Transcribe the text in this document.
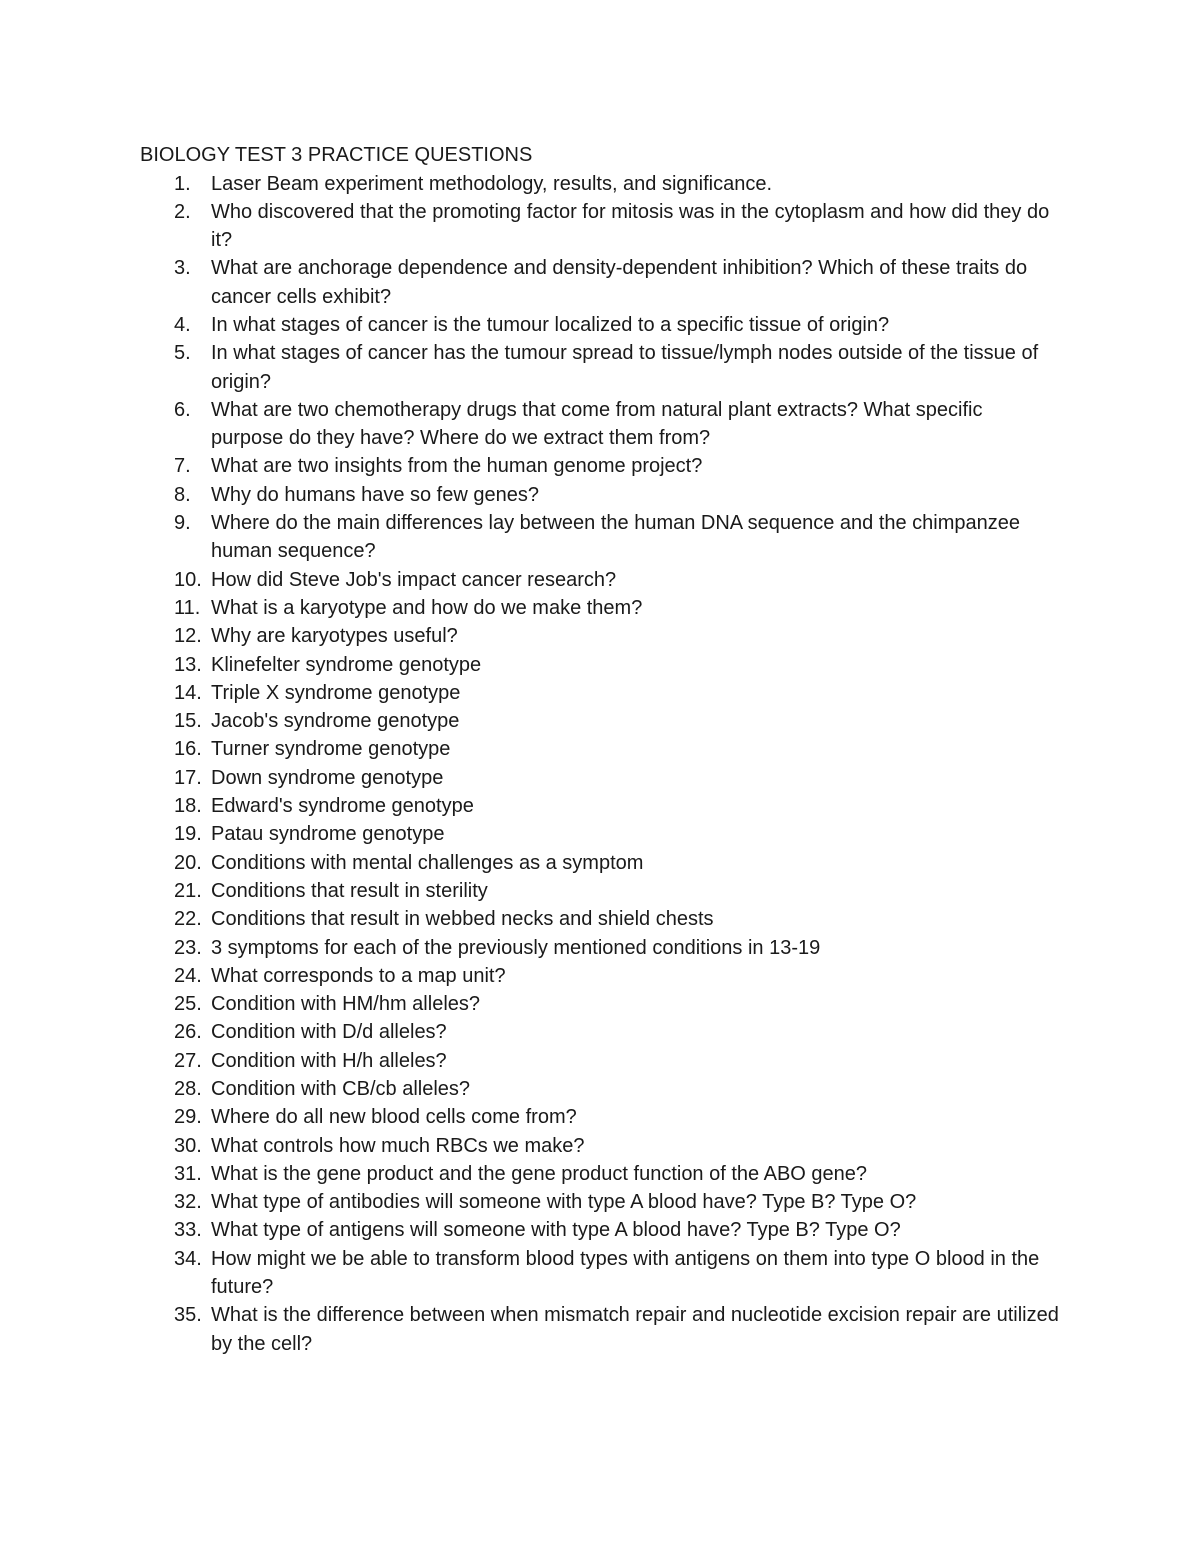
BIOLOGY TEST 3 PRACTICE QUESTIONS
1. Laser Beam experiment methodology, results, and significance.
2. Who discovered that the promoting factor for mitosis was in the cytoplasm and how did they do it?
3. What are anchorage dependence and density-dependent inhibition? Which of these traits do cancer cells exhibit?
4. In what stages of cancer is the tumour localized to a specific tissue of origin?
5. In what stages of cancer has the tumour spread to tissue/lymph nodes outside of the tissue of origin?
6. What are two chemotherapy drugs that come from natural plant extracts? What specific purpose do they have? Where do we extract them from?
7. What are two insights from the human genome project?
8. Why do humans have so few genes?
9. Where do the main differences lay between the human DNA sequence and the chimpanzee human sequence?
10. How did Steve Job's impact cancer research?
11. What is a karyotype and how do we make them?
12. Why are karyotypes useful?
13. Klinefelter syndrome genotype
14. Triple X syndrome genotype
15. Jacob's syndrome genotype
16. Turner syndrome genotype
17. Down syndrome genotype
18. Edward's syndrome genotype
19. Patau syndrome genotype
20. Conditions with mental challenges as a symptom
21. Conditions that result in sterility
22. Conditions that result in webbed necks and shield chests
23. 3 symptoms for each of the previously mentioned conditions in 13-19
24. What corresponds to a map unit?
25. Condition with HM/hm alleles?
26. Condition with D/d alleles?
27. Condition with H/h alleles?
28. Condition with CB/cb alleles?
29. Where do all new blood cells come from?
30. What controls how much RBCs we make?
31. What is the gene product and the gene product function of the ABO gene?
32. What type of antibodies will someone with type A blood have? Type B? Type O?
33. What type of antigens will someone with type A blood have? Type B? Type O?
34. How might we be able to transform blood types with antigens on them into type O blood in the future?
35. What is the difference between when mismatch repair and nucleotide excision repair are utilized by the cell?
